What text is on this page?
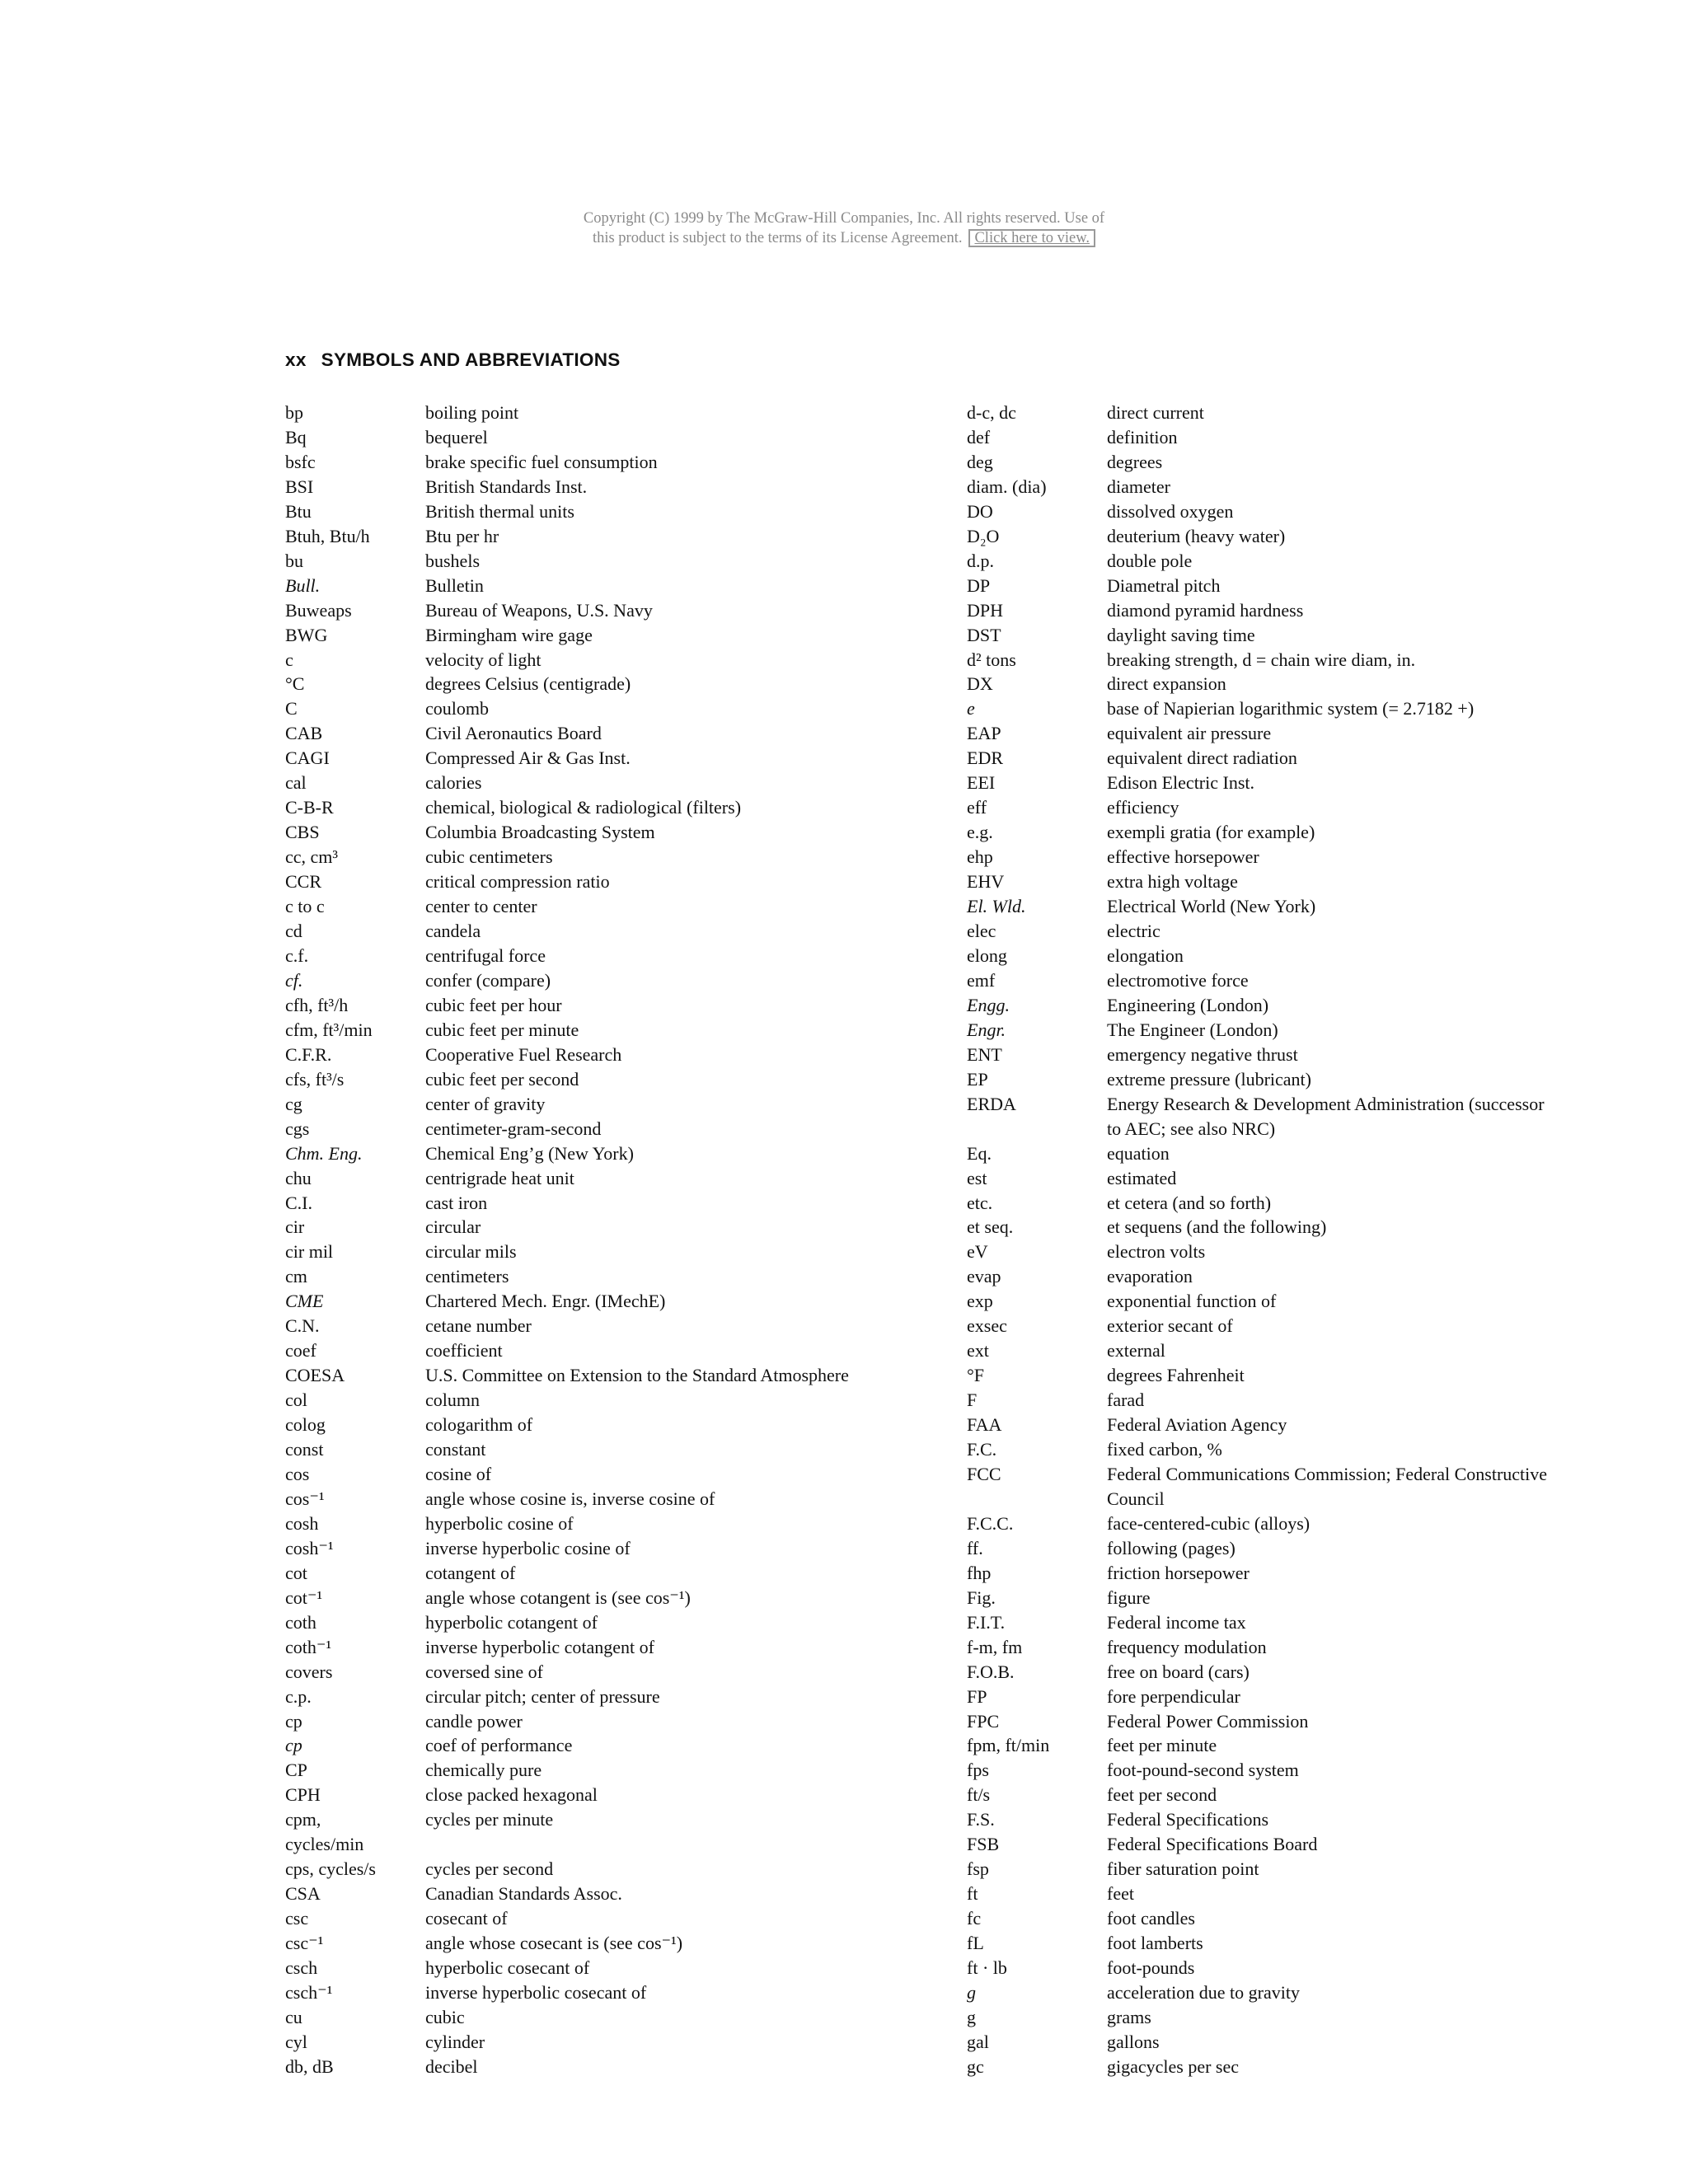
Copyright (C) 1999 by The McGraw-Hill Companies, Inc. All rights reserved. Use of
this product is subject to the terms of its License Agreement. Click here to view.
xx SYMBOLS AND ABBREVIATIONS
bp	boiling point
Bq	bequerel
bsfc	brake specific fuel consumption
BSI	British Standards Inst.
Btu	British thermal units
Btuh, Btu/h	Btu per hr
bu	bushels
Bull.	Bulletin
Buweaps	Bureau of Weapons, U.S. Navy
BWG	Birmingham wire gage
c	velocity of light
°C	degrees Celsius (centigrade)
C	coulomb
CAB	Civil Aeronautics Board
CAGI	Compressed Air & Gas Inst.
cal	calories
C-B-R	chemical, biological & radiological (filters)
CBS	Columbia Broadcasting System
cc, cm³	cubic centimeters
CCR	critical compression ratio
c to c	center to center
cd	candela
c.f.	centrifugal force
cf.	confer (compare)
cfh, ft³/h	cubic feet per hour
cfm, ft³/min	cubic feet per minute
C.F.R.	Cooperative Fuel Research
cfs, ft³/s	cubic feet per second
cg	center of gravity
cgs	centimeter-gram-second
Chm. Eng.	Chemical Eng’g (New York)
chu	centrigrade heat unit
C.I.	cast iron
cir	circular
cir mil	circular mils
cm	centimeters
CME	Chartered Mech. Engr. (IMechE)
C.N.	cetane number
coef	coefficient
COESA	U.S. Committee on Extension to the Standard Atmosphere
col	column
colog	cologarithm of
const	constant
cos	cosine of
cos⁻¹	angle whose cosine is, inverse cosine of
cosh	hyperbolic cosine of
cosh⁻¹	inverse hyperbolic cosine of
cot	cotangent of
cot⁻¹	angle whose cotangent is (see cos⁻¹)
coth	hyperbolic cotangent of
coth⁻¹	inverse hyperbolic cotangent of
covers	coversed sine of
c.p.	circular pitch; center of pressure
cp	candle power
cp	coef of performance
CP	chemically pure
CPH	close packed hexagonal
cpm,	cycles per minute
cycles/min
cps, cycles/s	cycles per second
CSA	Canadian Standards Assoc.
csc	cosecant of
csc⁻¹	angle whose cosecant is (see cos⁻¹)
csch	hyperbolic cosecant of
csch⁻¹	inverse hyperbolic cosecant of
cu	cubic
cyl	cylinder
db, dB	decibel
d-c, dc	direct current
def	definition
deg	degrees
diam. (dia)	diameter
DO	dissolved oxygen
D₂O	deuterium (heavy water)
d.p.	double pole
DP	Diametral pitch
DPH	diamond pyramid hardness
DST	daylight saving time
d² tons	breaking strength, d = chain wire diam, in.
DX	direct expansion
e	base of Napierian logarithmic system (= 2.7182 +)
EAP	equivalent air pressure
EDR	equivalent direct radiation
EEI	Edison Electric Inst.
eff	efficiency
e.g.	exempli gratia (for example)
ehp	effective horsepower
EHV	extra high voltage
El. Wld.	Electrical World (New York)
elec	electric
elong	elongation
emf	electromotive force
Engg.	Engineering (London)
Engr.	The Engineer (London)
ENT	emergency negative thrust
EP	extreme pressure (lubricant)
ERDA	Energy Research & Development Administration (successor
to AEC; see also NRC)
Eq.	equation
est	estimated
etc.	et cetera (and so forth)
et seq.	et sequens (and the following)
eV	electron volts
evap	evaporation
exp	exponential function of
exsec	exterior secant of
ext	external
°F	degrees Fahrenheit
F	farad
FAA	Federal Aviation Agency
F.C.	fixed carbon, %
FCC	Federal Communications Commission; Federal Constructive
Council
F.C.C.	face-centered-cubic (alloys)
ff.	following (pages)
fhp	friction horsepower
Fig.	figure
F.I.T.	Federal income tax
f-m, fm	frequency modulation
F.O.B.	free on board (cars)
FP	fore perpendicular
FPC	Federal Power Commission
fpm, ft/min	feet per minute
fps	foot-pound-second system
ft/s	feet per second
F.S.	Federal Specifications
FSB	Federal Specifications Board
fsp	fiber saturation point
ft	feet
fc	foot candles
fL	foot lamberts
ft · lb	foot-pounds
g	acceleration due to gravity
g	grams
gal	gallons
gc	gigacycles per sec
